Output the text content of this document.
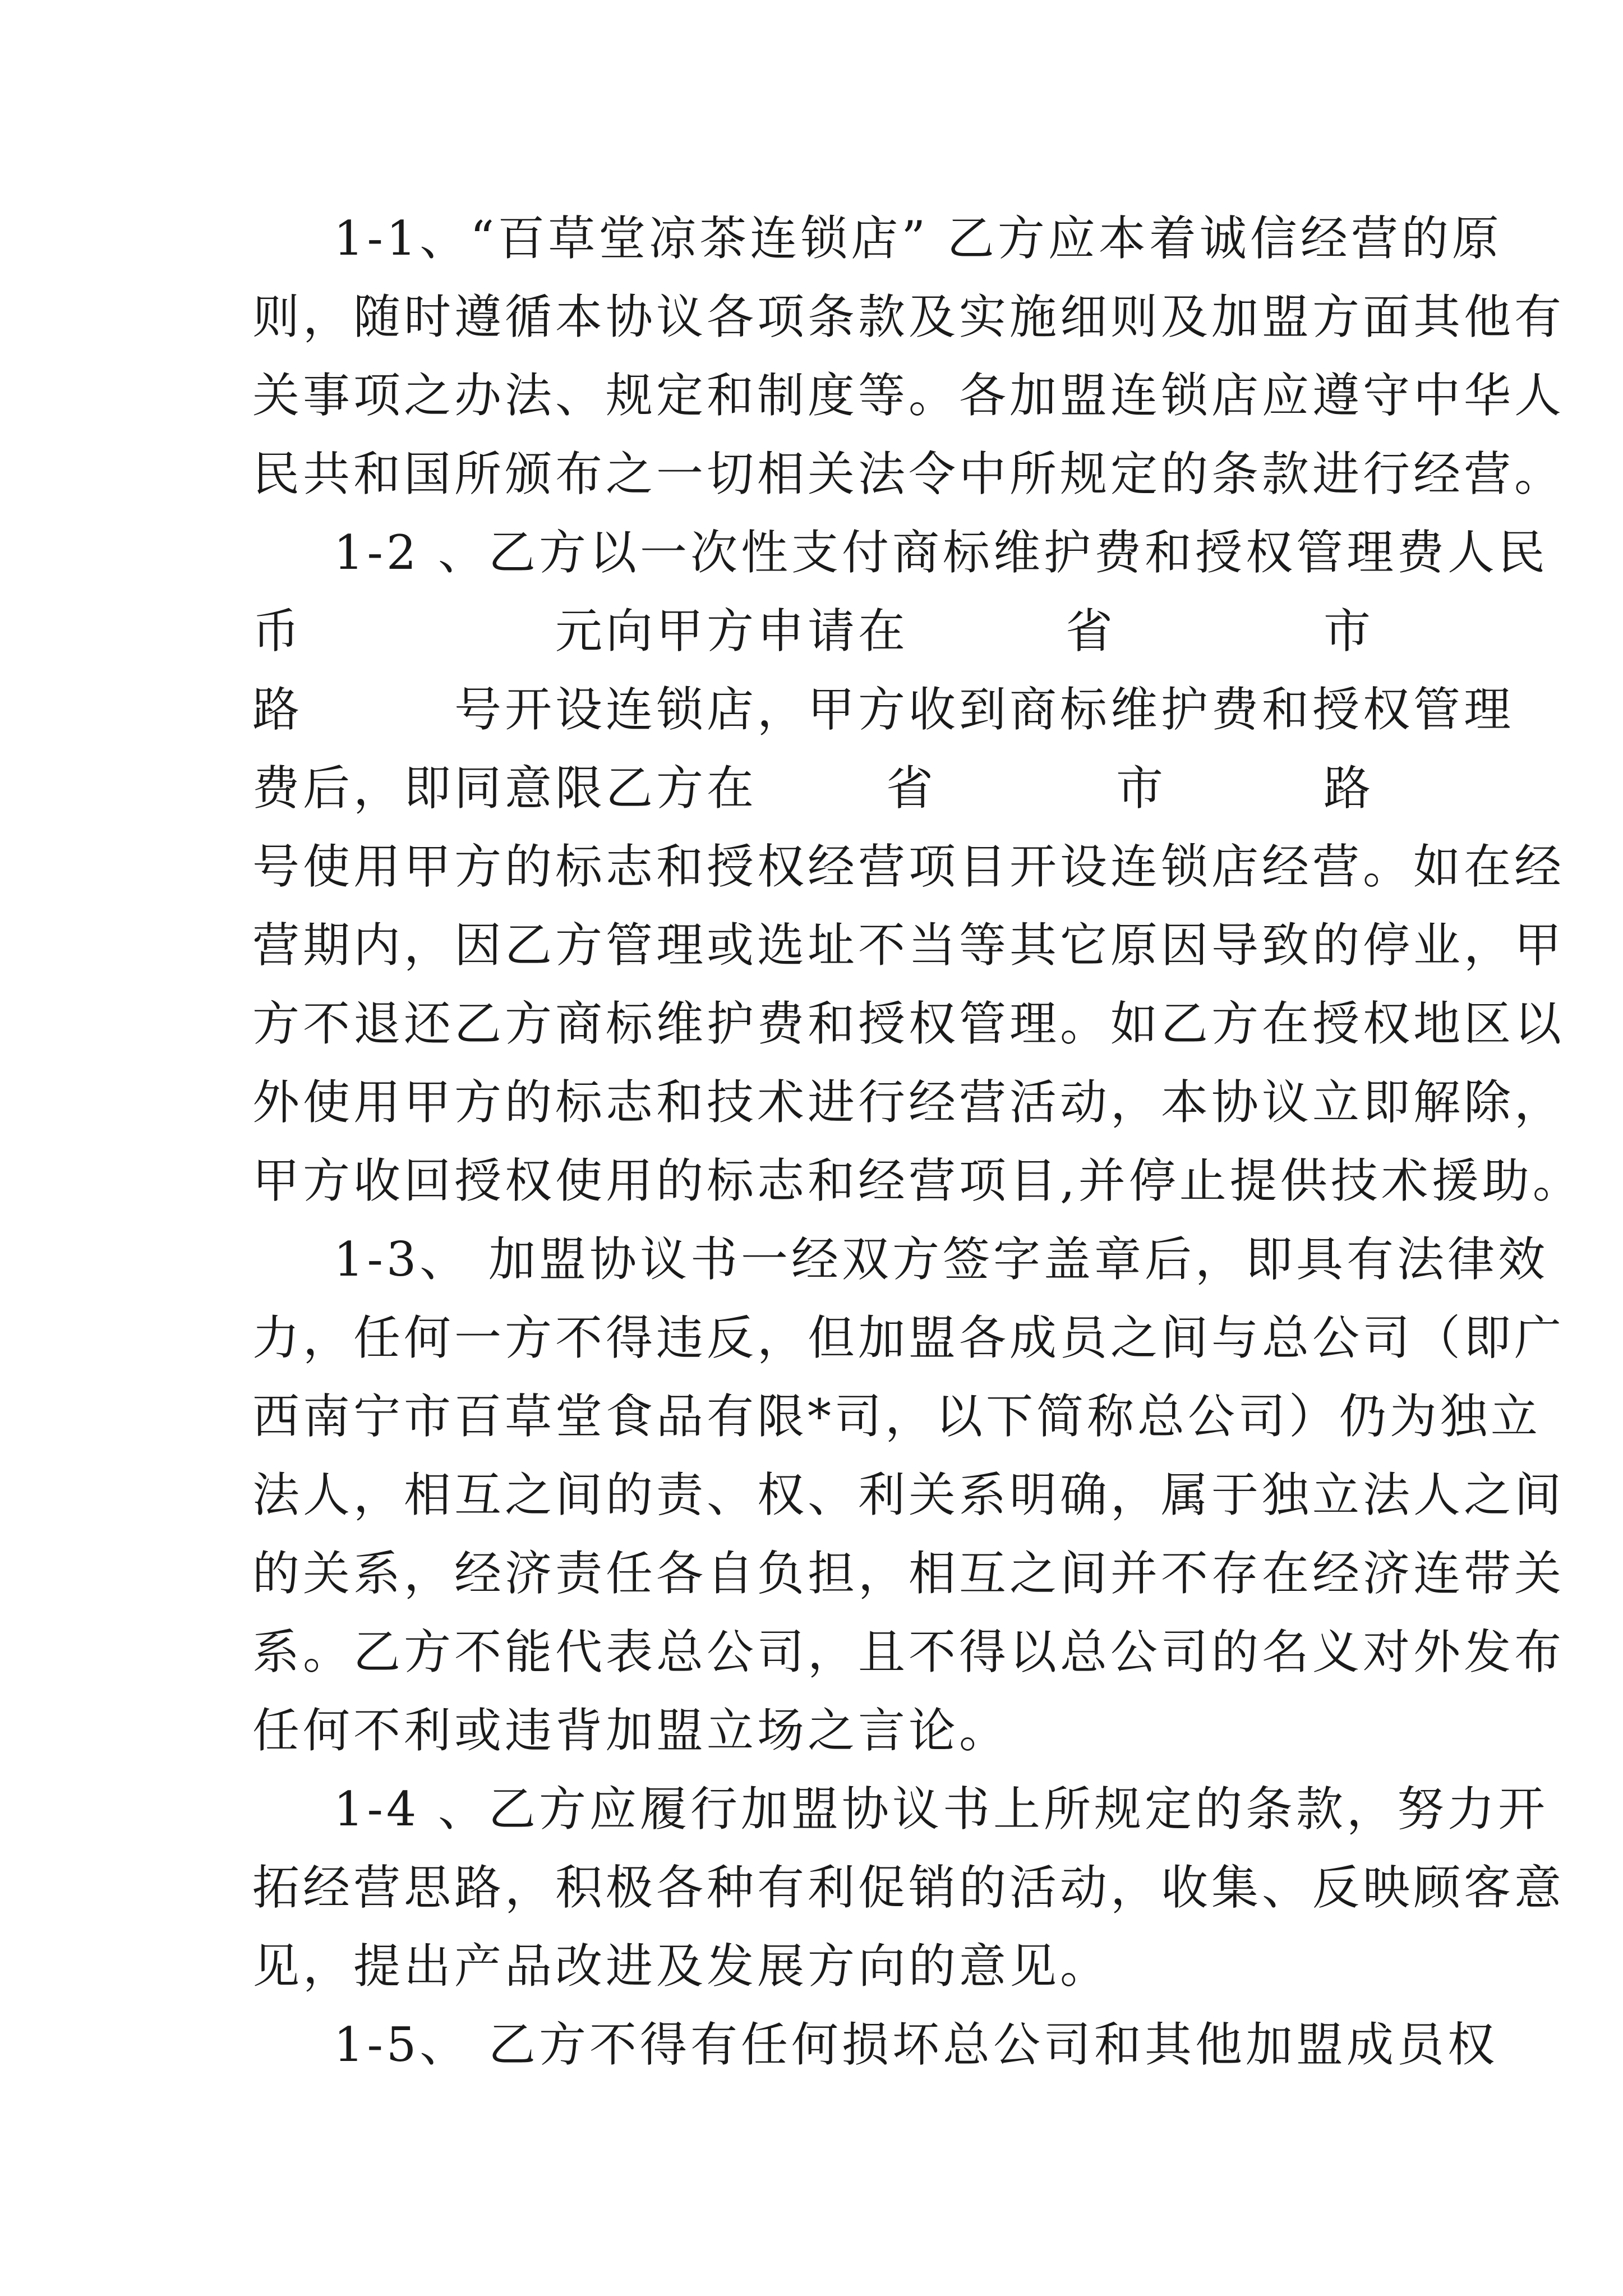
1-1、“百草堂凉茶连锁店” 乙方应本着诚信经营的原
则，随时遵循本协议各项条款及实施细则及加盟方面其他有
关事项之办法、规定和制度等。各加盟连锁店应遵守中华人
民共和国所颁布之一切相关法令中所规定的条款进行经营。
1-2 、乙方以一次性支付商标维护费和授权管理费人民
币	元向甲方申请在	省	市
路	号开设连锁店，甲方收到商标维护费和授权管理
费后，即同意限乙方在	省	市	路
号使用甲方的标志和授权经营项目开设连锁店经营。如在经
营期内，因乙方管理或选址不当等其它原因导致的停业，甲
方不退还乙方商标维护费和授权管理。如乙方在授权地区以
外使用甲方的标志和技术进行经营活动，本协议立即解除，
甲方收回授权使用的标志和经营项目,并停止提供技术援助。
1-3、 加盟协议书一经双方签字盖章后，即具有法律效
力，任何一方不得违反，但加盟各成员之间与总公司（即广
西南宁市百草堂食品有限*司，以下简称总公司）仍为独立
法人，相互之间的责、权、利关系明确，属于独立法人之间
的关系，经济责任各自负担，相互之间并不存在经济连带关
系。乙方不能代表总公司，且不得以总公司的名义对外发布
任何不利或违背加盟立场之言论。
1-4 、乙方应履行加盟协议书上所规定的条款，努力开
拓经营思路，积极各种有利促销的活动，收集、反映顾客意
见，提出产品改进及发展方向的意见。
1-5、 乙方不得有任何损坏总公司和其他加盟成员权
